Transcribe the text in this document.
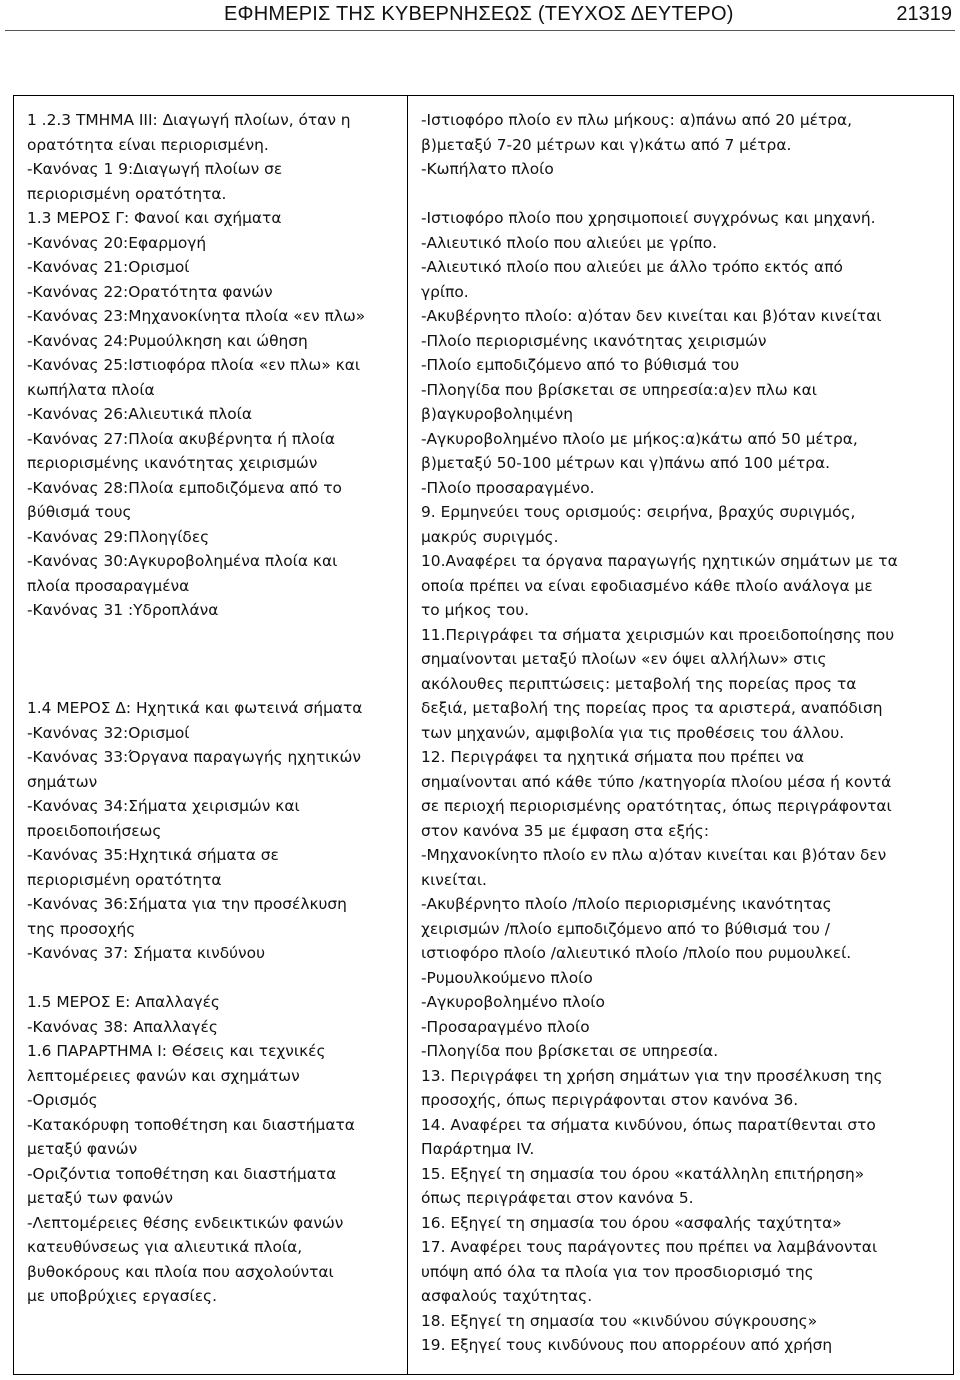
ΕΦΗΜΕΡΙΣ ΤΗΣ ΚΥΒΕΡΝΗΣΕΩΣ (ΤΕΥΧΟΣ ΔΕΥΤΕΡΟ)	21319
1 .2.3 ΤΜΗΜΑ ΙΙΙ: Διαγωγή πλοίων, όταν η
ορατότητα είναι περιορισμένη.
-Κανόνας 1 9:Διαγωγή πλοίων σε
περιορισμένη ορατότητα.
1.3 ΜΕΡΟΣ Γ: Φανοί και σχήματα
-Κανόνας 20:Εφαρμογή
-Κανόνας 21:Ορισμοί
-Κανόνας 22:Ορατότητα φανών
-Κανόνας 23:Μηχανοκίνητα πλοία «εν πλω»
-Κανόνας 24:Ρυμούλκηση και ώθηση
-Κανόνας 25:Ιστιοφόρα πλοία «εν πλω» και
κωπήλατα πλοία
-Κανόνας 26:Αλιευτικά πλοία
-Κανόνας 27:Πλοία ακυβέρνητα ή πλοία
περιορισμένης ικανότητας χειρισμών
-Κανόνας 28:Πλοία εμποδιζόμενα από το
βύθισμά τους
-Κανόνας 29:Πλοηγίδες
-Κανόνας 30:Αγκυροβολημένα πλοία και
πλοία προσαραγμένα
-Κανόνας 31 :Υδροπλάνα
1.4 ΜΕΡΟΣ Δ: Ηχητικά και φωτεινά σήματα
-Κανόνας 32:Ορισμοί
-Κανόνας 33:Όργανα παραγωγής ηχητικών
σημάτων
-Κανόνας 34:Σήματα χειρισμών και
προειδοποιήσεως
-Κανόνας 35:Ηχητικά σήματα σε
περιορισμένη ορατότητα
-Κανόνας 36:Σήματα για την προσέλκυση
της προσοχής
-Κανόνας 37: Σήματα κινδύνου
1.5 ΜΕΡΟΣ Ε: Απαλλαγές
-Κανόνας 38: Απαλλαγές
1.6 ΠΑΡΑΡΤΗΜΑ Ι: Θέσεις και τεχνικές
λεπτομέρειες φανών και σχημάτων
-Ορισμός
-Κατακόρυφη τοποθέτηση και διαστήματα
μεταξύ φανών
-Οριζόντια τοποθέτηση και διαστήματα
μεταξύ των φανών
-Λεπτομέρειες θέσης ενδεικτικών φανών
κατευθύνσεως για αλιευτικά πλοία,
βυθοκόρους και πλοία που ασχολούνται
με υποβρύχιες εργασίες.
-Ιστιοφόρο πλοίο εν πλω μήκους: α)πάνω από 20 μέτρα,
β)μεταξύ 7-20 μέτρων και γ)κάτω από 7 μέτρα.
-Κωπήλατο πλοίο
-Ιστιοφόρο πλοίο που χρησιμοποιεί συγχρόνως και μηχανή.
-Αλιευτικό πλοίο που αλιεύει με γρίπο.
-Αλιευτικό πλοίο που αλιεύει με άλλο τρόπο εκτός από
γρίπο.
-Ακυβέρνητο πλοίο: α)όταν δεν κινείται και β)όταν κινείται
-Πλοίο περιορισμένης ικανότητας χειρισμών
-Πλοίο εμποδιζόμενο από το βύθισμά του
-Πλοηγίδα που βρίσκεται σε υπηρεσία:α)εν πλω και
β)αγκυροβοληιμένη
-Αγκυροβολημένο πλοίο με μήκος:α)κάτω από 50 μέτρα,
β)μεταξύ 50-100 μέτρων και γ)πάνω από 100 μέτρα.
-Πλοίο προσαραγμένο.
9. Ερμηνεύει τους ορισμούς: σειρήνα, βραχύς συριγμός,
μακρύς συριγμός.
10.Αναφέρει τα όργανα παραγωγής ηχητικών σημάτων με τα
οποία πρέπει να είναι εφοδιασμένο κάθε πλοίο ανάλογα με
το μήκος του.
11.Περιγράφει τα σήματα χειρισμών και προειδοποίησης που
σημαίνονται μεταξύ πλοίων «εν όψει αλλήλων» στις
ακόλουθες περιπτώσεις: μεταβολή της πορείας προς τα
δεξιά, μεταβολή της πορείας προς τα αριστερά, αναπόδιση
των μηχανών, αμφιβολία για τις προθέσεις του άλλου.
12. Περιγράφει τα ηχητικά σήματα που πρέπει να
σημαίνονται από κάθε τύπο /κατηγορία πλοίου μέσα ή κοντά
σε περιοχή περιορισμένης ορατότητας, όπως περιγράφονται
στον κανόνα 35 με έμφαση στα εξής:
-Μηχανοκίνητο πλοίο εν πλω α)όταν κινείται και β)όταν δεν
κινείται.
-Ακυβέρνητο πλοίο /πλοίο περιορισμένης ικανότητας
χειρισμών /πλοίο εμποδιζόμενο από το βύθισμά του /
ιστιοφόρο πλοίο /αλιευτικό πλοίο /πλοίο που ρυμουλκεί.
-Ρυμουλκούμενο πλοίο
-Αγκυροβολημένο πλοίο
-Προσαραγμένο πλοίο
-Πλοηγίδα που βρίσκεται σε υπηρεσία.
13. Περιγράφει τη χρήση σημάτων για την προσέλκυση της
προσοχής, όπως περιγράφονται στον κανόνα 36.
14. Αναφέρει τα σήματα κινδύνου, όπως παρατίθενται στο
Παράρτημα IV.
15. Εξηγεί τη σημασία του όρου «κατάλληλη επιτήρηση»
όπως περιγράφεται στον κανόνα 5.
16. Εξηγεί τη σημασία του όρου «ασφαλής ταχύτητα»
17. Αναφέρει τους παράγοντες που πρέπει να λαμβάνονται
υπόψη από όλα τα πλοία για τον προσδιορισμό της
ασφαλούς ταχύτητας.
18. Εξηγεί τη σημασία του «κινδύνου σύγκρουσης»
19. Εξηγεί τους κινδύνους που απορρέουν από χρήση
